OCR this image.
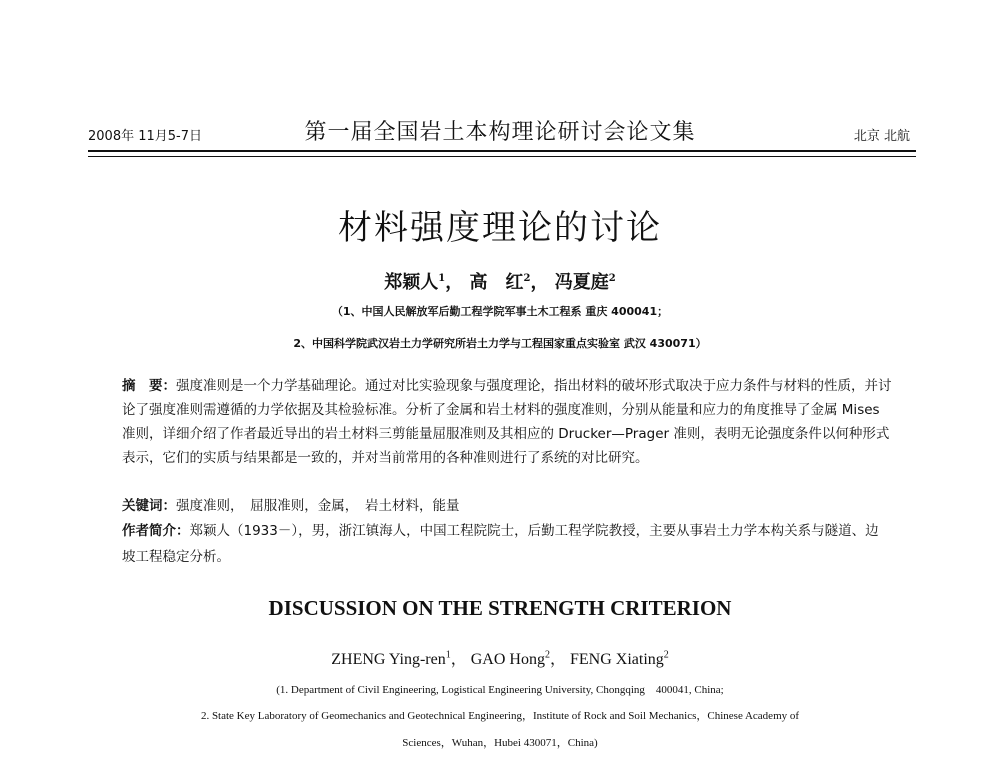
2008年 11月5-7日	第一届全国岩土本构理论研讨会论文集	北京 北航
材料强度理论的讨论
郑颖人$^1$， 高　红$^2$， 冯夏庭$^2$
（1、中国人民解放军后勤工程学院军事土木工程系 重庆 400041；
2、中国科学院武汉岩土力学研究所岩土力学与工程国家重点实验室 武汉 430071）
摘　要：强度准则是一个力学基础理论。通过对比实验现象与强度理论，指出材料的破坏形式取决于应力条件与材料的性质，并讨论了强度准则需遵循的力学依据及其检验标准。分析了金属和岩土材料的强度准则，分别从能量和应力的角度推导了金属 Mises 准则，详细介绍了作者最近导出的岩土材料三剪能量屈服准则及其相应的 Drucker—Prager 准则，表明无论强度条件以何种形式表示，它们的实质与结果都是一致的，并对当前常用的各种准则进行了系统的对比研究。
关键词：强度准则，　屈服准则，金属，　岩土材料，能量
作者简介：郑颖人（1933－），男，浙江镇海人，中国工程院院士，后勤工程学院教授，主要从事岩土力学本构关系与隧道、边坡工程稳定分析。
DISCUSSION ON THE STRENGTH CRITERION
ZHENG Ying-ren$^1$， GAO Hong$^2$， FENG Xiating$^2$
(1. Department of Civil Engineering, Logistical Engineering University, Chongqing　400041, China;
2. State Key Laboratory of Geomechanics and Geotechnical Engineering，Institute of Rock and Soil Mechanics，Chinese Academy of
Sciences，Wuhan，Hubei 430071，China)
